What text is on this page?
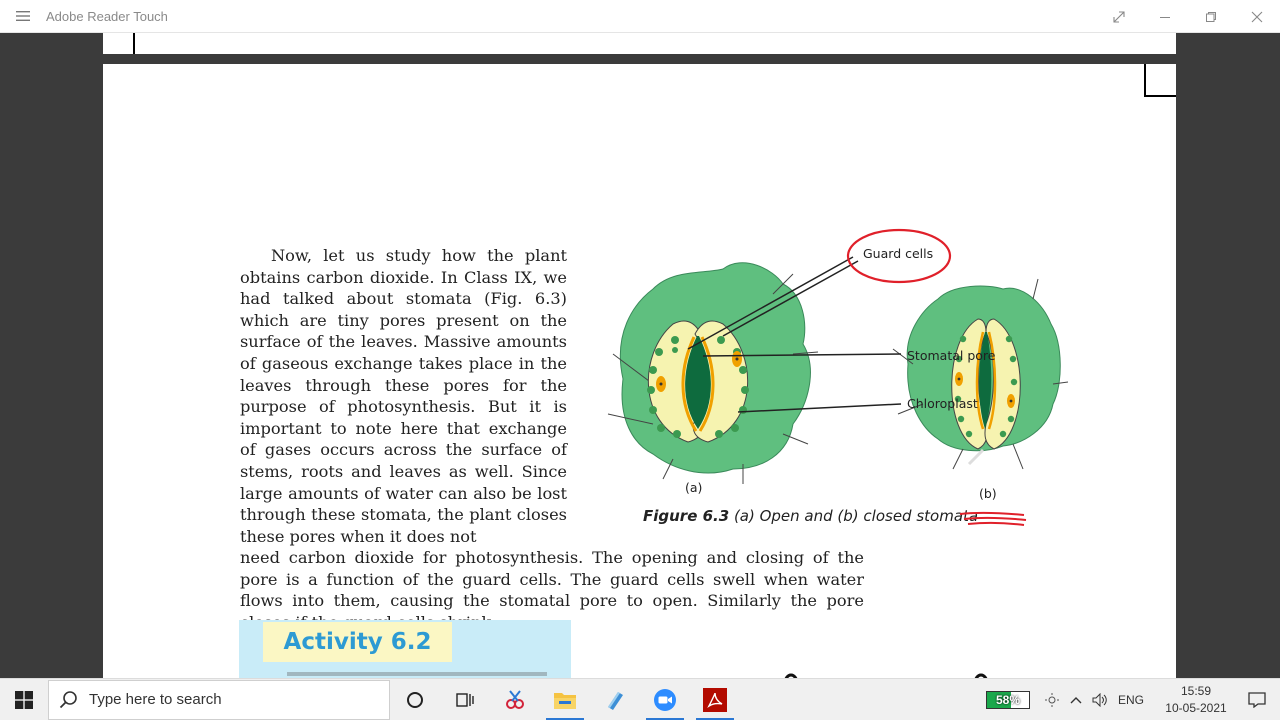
Adobe Reader Touch

Now, let us study how the plant obtains carbon dioxide. In Class IX, we had talked about stomata (Fig. 6.3) which are tiny pores present on the surface of the leaves. Massive amounts of gaseous exchange takes place in the leaves through these pores for the purpose of photosynthesis. But it is important to note here that exchange of gases occurs across the surface of stems, roots and leaves as well. Since large amounts of water can also be lost through these stomata, the plant closes these pores when it does not

need carbon dioxide for photosynthesis. The opening and closing of the pore is a function of the guard cells. The guard cells swell when water flows into them, causing the stomatal pore to open. Similarly the pore
Guard cells
Stomatal pore
Chloroplast
(a)	(b)
Figure 6.3 (a) Open and (b) closed stomata
Activity 6.2
Type here to search	58%	ENG
15:59
10-05-2021
